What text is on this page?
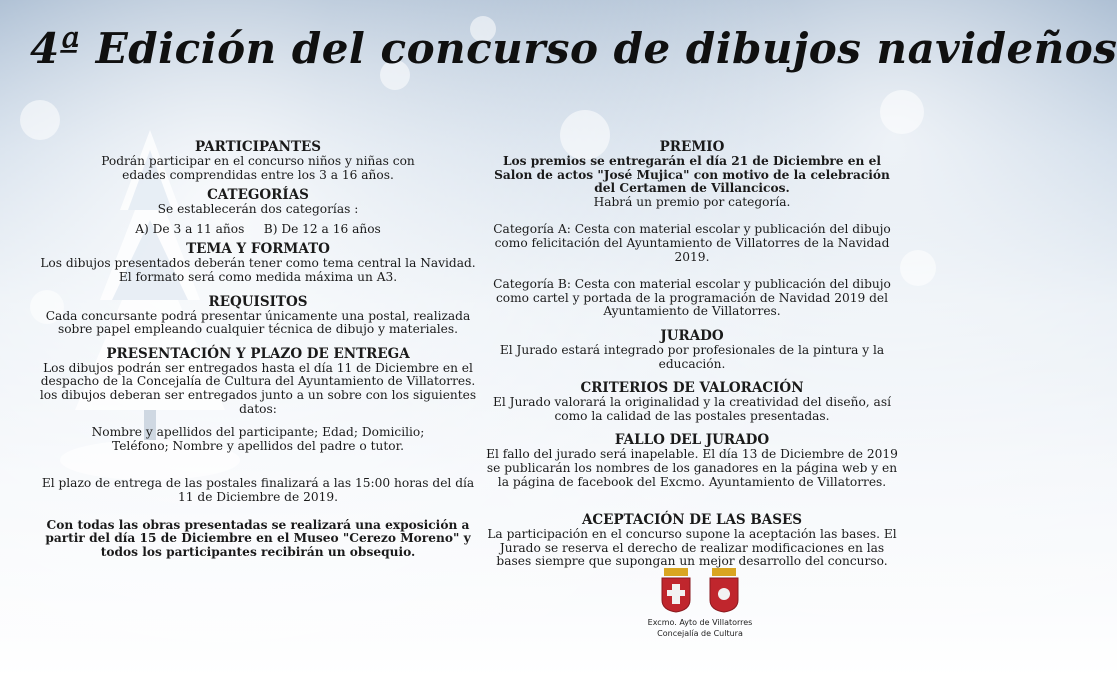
4ª Edición del concurso de dibujos navideños

PARTICIPANTES

Podrán participar en el concurso niños y niñas con edades comprendidas entre los 3 a 16 años.

CATEGORÍAS

Se establecerán dos categorías :

A) De 3 a 11 años B) De 12 a 16 años

TEMA Y FORMATO

Los dibujos presentados deberán tener como tema central la Navidad. El formato será como medida máxima un A3.

REQUISITOS

Cada concursante podrá presentar únicamente una postal, realizada sobre papel empleando cualquier técnica de dibujo y materiales.

PRESENTACIÓN Y PLAZO DE ENTREGA

Los dibujos podrán ser entregados hasta el día 11 de Diciembre en el despacho de la Concejalía de Cultura del Ayuntamiento de Villatorres. los dibujos deberan ser entregados junto a un sobre con los siguientes datos:

Nombre y apellidos del participante; Edad; Domicilio; Teléfono; Nombre y apellidos del padre o tutor.

El plazo de entrega de las postales finalizará a las 15:00 horas del día 11 de Diciembre de 2019.

Con todas las obras presentadas se realizará una exposición a partir del día 15 de Diciembre en el Museo "Cerezo Moreno" y todos los participantes recibirán un obsequio.

PREMIO

Los premios se entregarán el día 21 de Diciembre en el Salon de actos "José Mujica" con motivo de la celebración del Certamen de Villancicos.

Habrá un premio por categoría.

Categoría A: Cesta con material escolar y publicación del dibujo como felicitación del Ayuntamiento de Villatorres de la Navidad 2019.

Categoría B: Cesta con material escolar y publicación del dibujo como cartel y portada de la programación de Navidad 2019 del Ayuntamiento de Villatorres.

JURADO

El Jurado estará integrado por profesionales de la pintura y la educación.

CRITERIOS DE VALORACIÓN

El Jurado valorará la originalidad y la creatividad del diseño, así como la calidad de las postales presentadas.

FALLO DEL JURADO

El fallo del jurado será inapelable. El día 13 de Diciembre de 2019 se publicarán los nombres de los ganadores en la página web y en la página de facebook del Excmo. Ayuntamiento de Villatorres.

ACEPTACIÓN DE LAS BASES

La participación en el concurso supone la aceptación las bases. El Jurado se reserva el derecho de realizar modificaciones en las bases siempre que supongan un mejor desarrollo del concurso.

Excmo. Ayto de Villatorres
Concejalía de Cultura
